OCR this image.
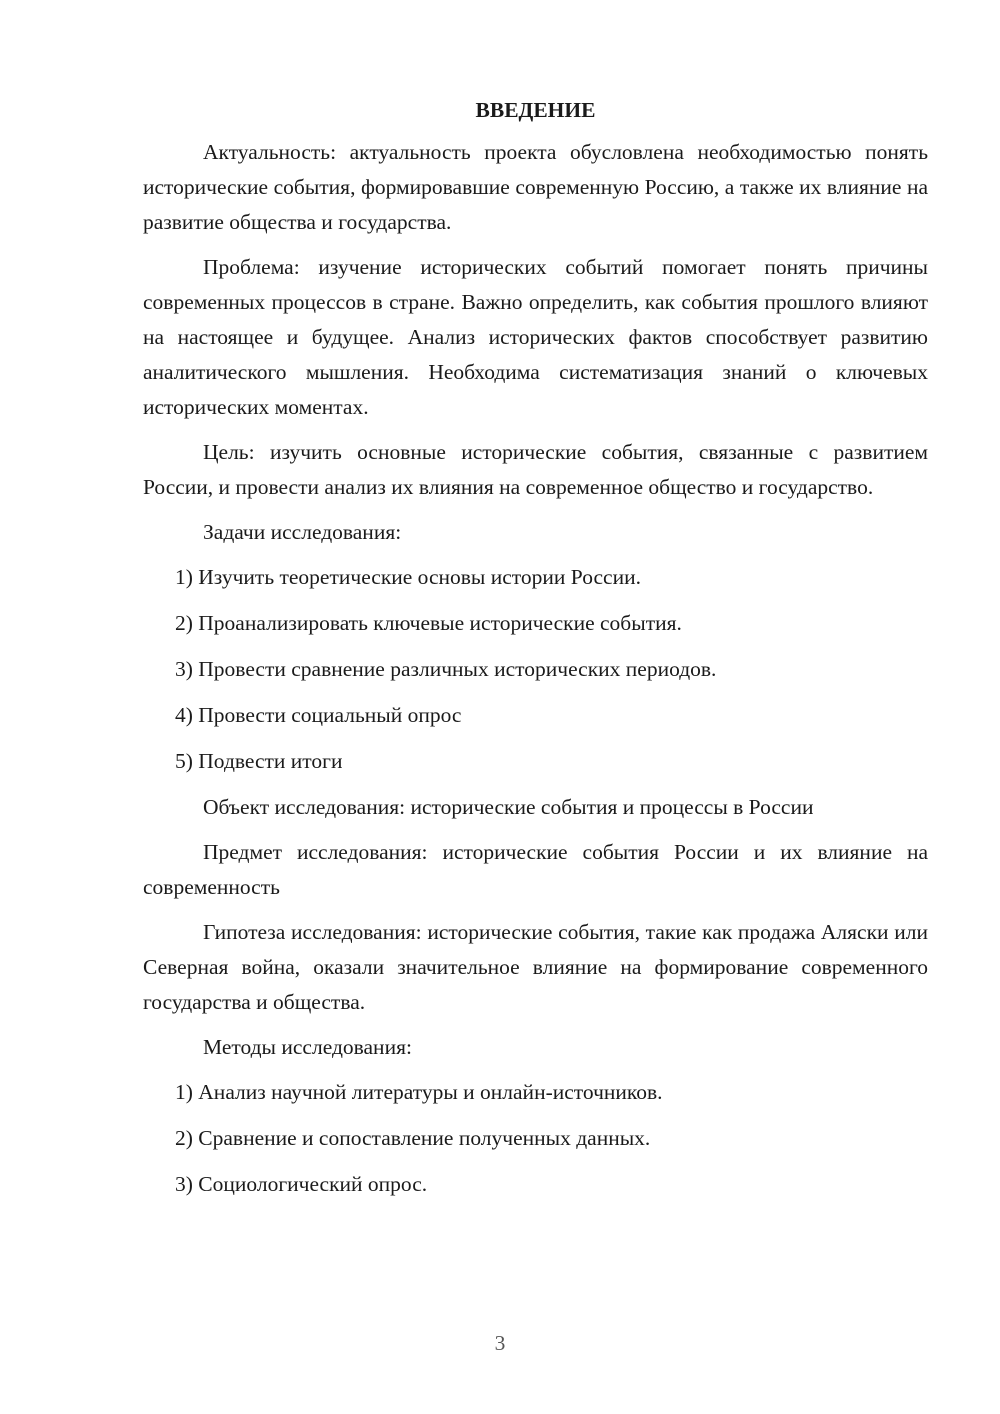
ВВЕДЕНИЕ

Актуальность: актуальность проекта обусловлена необходимостью понять исторические события, формировавшие современную Россию, а также их влияние на развитие общества и государства.

Проблема: изучение исторических событий помогает понять причины современных процессов в стране. Важно определить, как события прошлого влияют на настоящее и будущее. Анализ исторических фактов способствует развитию аналитического мышления. Необходима систематизация знаний о ключевых исторических моментах.

Цель: изучить основные исторические события, связанные с развитием России, и провести анализ их влияния на современное общество и государство.

Задачи исследования:

1) Изучить теоретические основы истории России.

2) Проанализировать ключевые исторические события.

3) Провести сравнение различных исторических периодов.

4) Провести социальный опрос

5) Подвести итоги

Объект исследования: исторические события и процессы в России

Предмет исследования: исторические события России и их влияние на современность

Гипотеза исследования: исторические события, такие как продажа Аляски или Северная война, оказали значительное влияние на формирование современного государства и общества.

Методы исследования:

1) Анализ научной литературы и онлайн-источников.

2) Сравнение и сопоставление полученных данных.

3) Социологический опрос.

3
